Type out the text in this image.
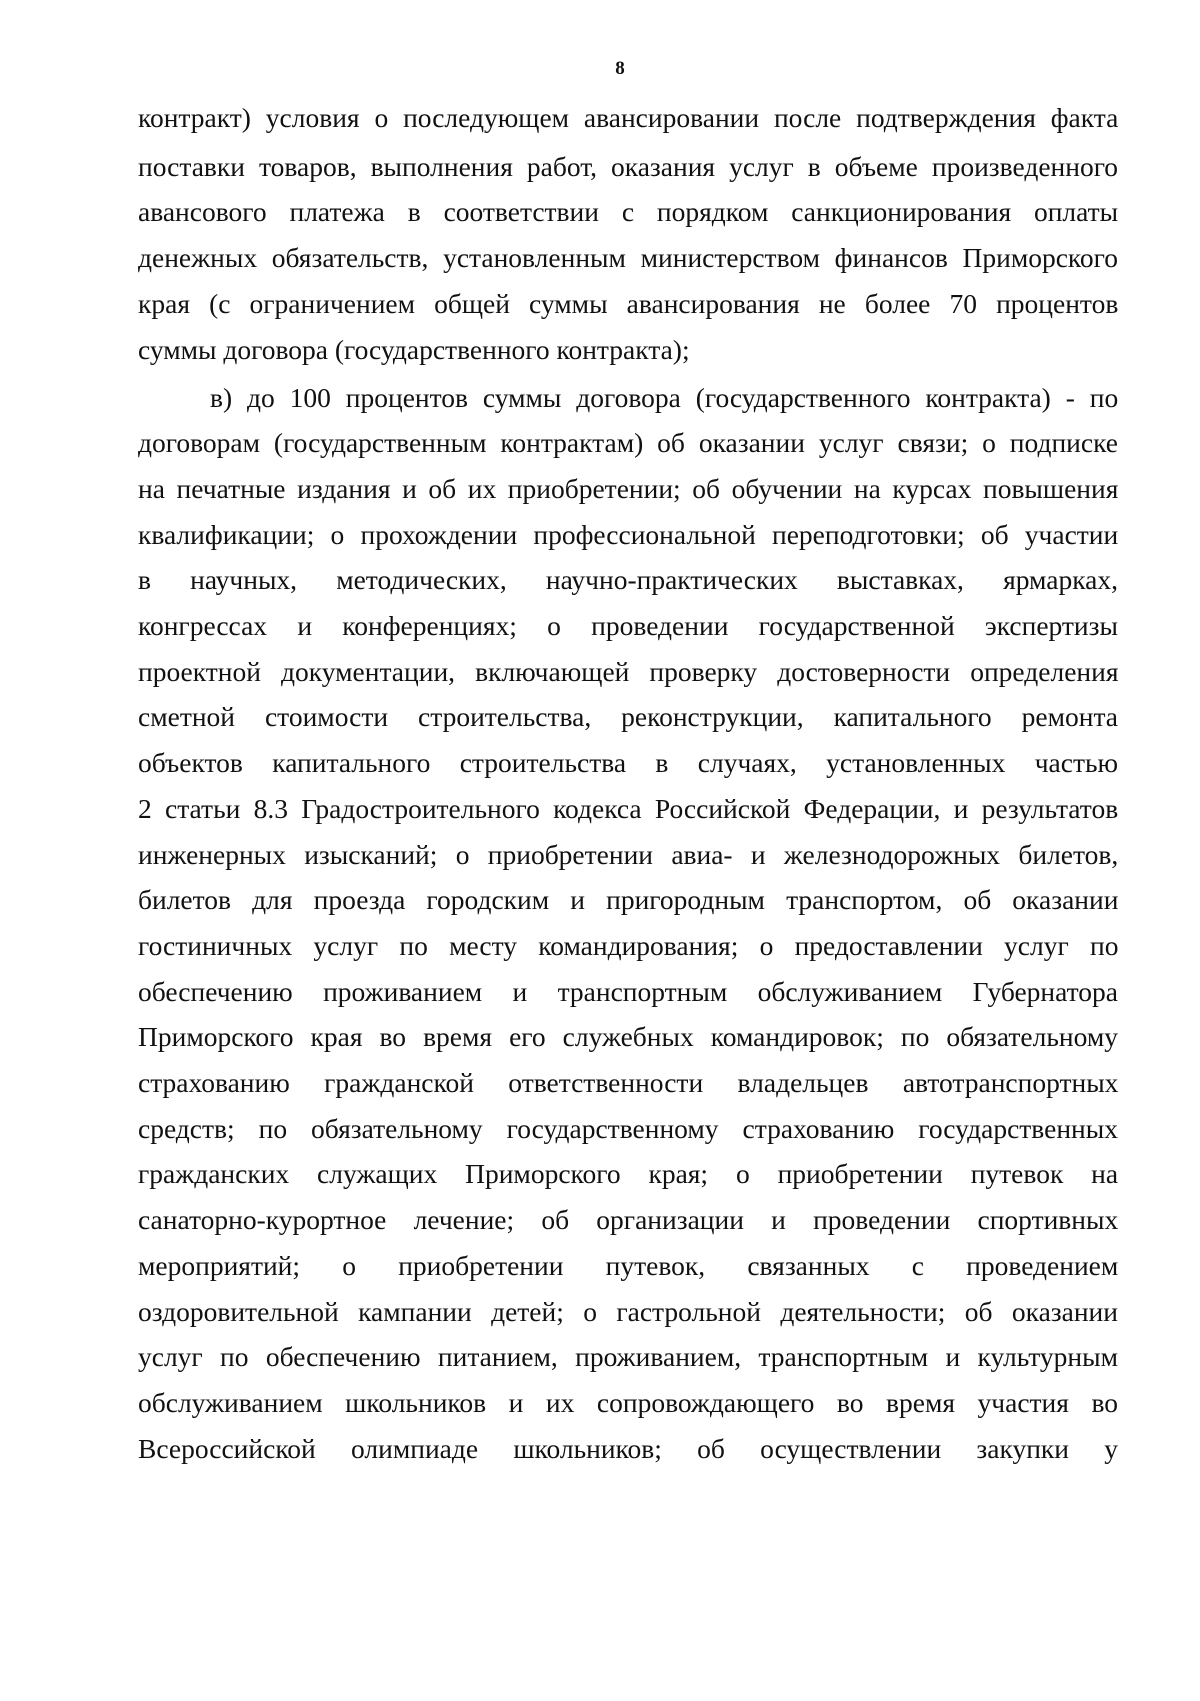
8
контракт) условия о последующем авансировании после подтверждения факта
поставки товаров, выполнения работ, оказания услуг в объеме произведенного
авансового платежа в соответствии с порядком санкционирования оплаты
денежных обязательств, установленным министерством финансов Приморского
края (с ограничением общей суммы авансирования не более 70 процентов
суммы договора (государственного контракта);
в) до 100 процентов суммы договора (государственного контракта) - по
договорам (государственным контрактам) об оказании услуг связи; о подписке
на печатные издания и об их приобретении; об обучении на курсах повышения
квалификации; о прохождении профессиональной переподготовки; об участии
в научных, методических, научно-практических выставках, ярмарках,
конгрессах и конференциях; о проведении государственной экспертизы
проектной документации, включающей проверку достоверности определения
сметной стоимости строительства, реконструкции, капитального ремонта
объектов капитального строительства в случаях, установленных частью
2 статьи 8.3 Градостроительного кодекса Российской Федерации, и результатов
инженерных изысканий; о приобретении авиа- и железнодорожных билетов,
билетов для проезда городским и пригородным транспортом, об оказании
гостиничных услуг по месту командирования; о предоставлении услуг по
обеспечению проживанием и транспортным обслуживанием Губернатора
Приморского края во время его служебных командировок; по обязательному
страхованию гражданской ответственности владельцев автотранспортных
средств; по обязательному государственному страхованию государственных
гражданских служащих Приморского края; о приобретении путевок на
санаторно-курортное лечение; об организации и проведении спортивных
мероприятий; о приобретении путевок, связанных с проведением
оздоровительной кампании детей; о гастрольной деятельности; об оказании
услуг по обеспечению питанием, проживанием, транспортным и культурным
обслуживанием школьников и их сопровождающего во время участия во
Всероссийской олимпиаде школьников; об осуществлении закупки у
